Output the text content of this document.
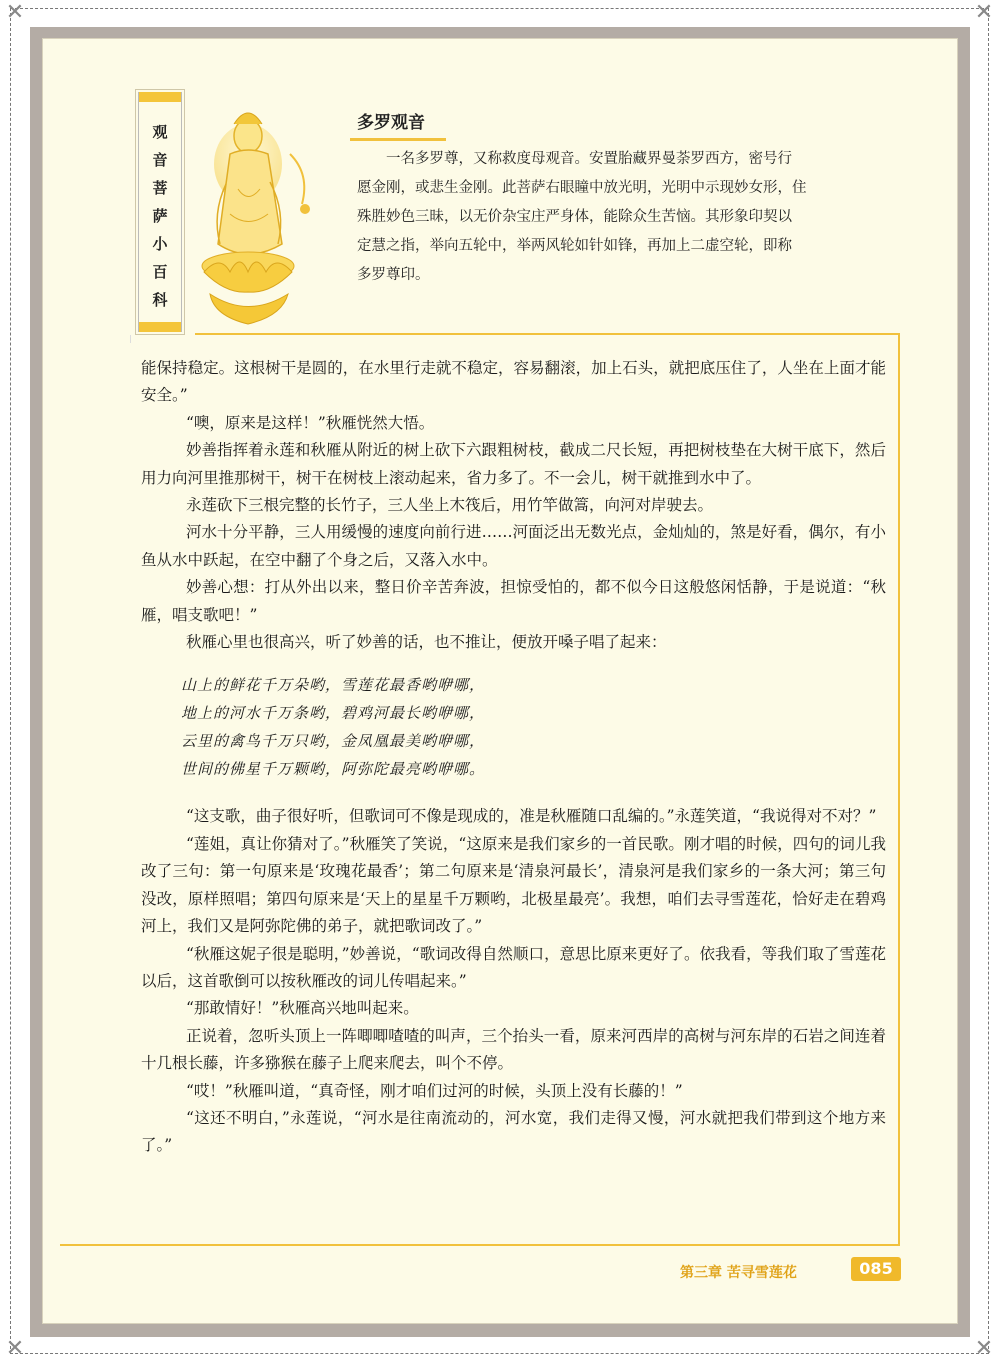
✕	✕
✕	✕
观
音
菩
萨
小
百
科
多罗观音
一名多罗尊，又称救度母观音。安置胎藏界曼荼罗西方，密号行
愿金刚，或悲生金刚。此菩萨右眼瞳中放光明，光明中示现妙女形，住
殊胜妙色三昧，以无价杂宝庄严身体，能除众生苦恼。其形象印契以
定慧之指，举向五轮中，举两风轮如针如锋，再加上二虚空轮，即称
多罗尊印。

能保持稳定。这根树干是圆的，在水里行走就不稳定，容易翻滚，加上石头，就把底压住了，人坐在上面才能安全。”

“噢，原来是这样！”秋雁恍然大悟。

妙善指挥着永莲和秋雁从附近的树上砍下六跟粗树枝，截成二尺长短，再把树枝垫在大树干底下，然后用力向河里推那树干，树干在树枝上滚动起来，省力多了。不一会儿，树干就推到水中了。

永莲砍下三根完整的长竹子，三人坐上木筏后，用竹竿做篙，向河对岸驶去。

河水十分平静，三人用缓慢的速度向前行进……河面泛出无数光点，金灿灿的，煞是好看，偶尔，有小鱼从水中跃起，在空中翻了个身之后，又落入水中。

妙善心想：打从外出以来，整日价辛苦奔波，担惊受怕的，都不似今日这般悠闲恬静，于是说道：“秋雁，唱支歌吧！”

秋雁心里也很高兴，听了妙善的话，也不推让，便放开嗓子唱了起来：

山上的鲜花千万朵哟，雪莲花最香哟咿哪，
地上的河水千万条哟，碧鸡河最长哟咿哪，
云里的禽鸟千万只哟，金凤凰最美哟咿哪，
世间的佛星千万颗哟，阿弥陀最亮哟咿哪。

“这支歌，曲子很好听，但歌词可不像是现成的，准是秋雁随口乱编的。”永莲笑道，“我说得对不对？”

“莲姐，真让你猜对了。”秋雁笑了笑说，“这原来是我们家乡的一首民歌。刚才唱的时候，四句的词儿我改了三句：第一句原来是‘玫瑰花最香’；第二句原来是‘清泉河最长’，清泉河是我们家乡的一条大河；第三句没改，原样照唱；第四句原来是‘天上的星星千万颗哟，北极星最亮’。我想，咱们去寻雪莲花，恰好走在碧鸡河上，我们又是阿弥陀佛的弟子，就把歌词改了。”

“秋雁这妮子很是聪明，”妙善说，“歌词改得自然顺口，意思比原来更好了。依我看，等我们取了雪莲花以后，这首歌倒可以按秋雁改的词儿传唱起来。”

“那敢情好！”秋雁高兴地叫起来。

正说着，忽听头顶上一阵唧唧喳喳的叫声，三个抬头一看，原来河西岸的高树与河东岸的石岩之间连着十几根长藤，许多猕猴在藤子上爬来爬去，叫个不停。

“哎！”秋雁叫道，“真奇怪，刚才咱们过河的时候，头顶上没有长藤的！”

“这还不明白，”永莲说，“河水是往南流动的，河水宽，我们走得又慢，河水就把我们带到这个地方来了。”

第三章 苦寻雪莲花	085
